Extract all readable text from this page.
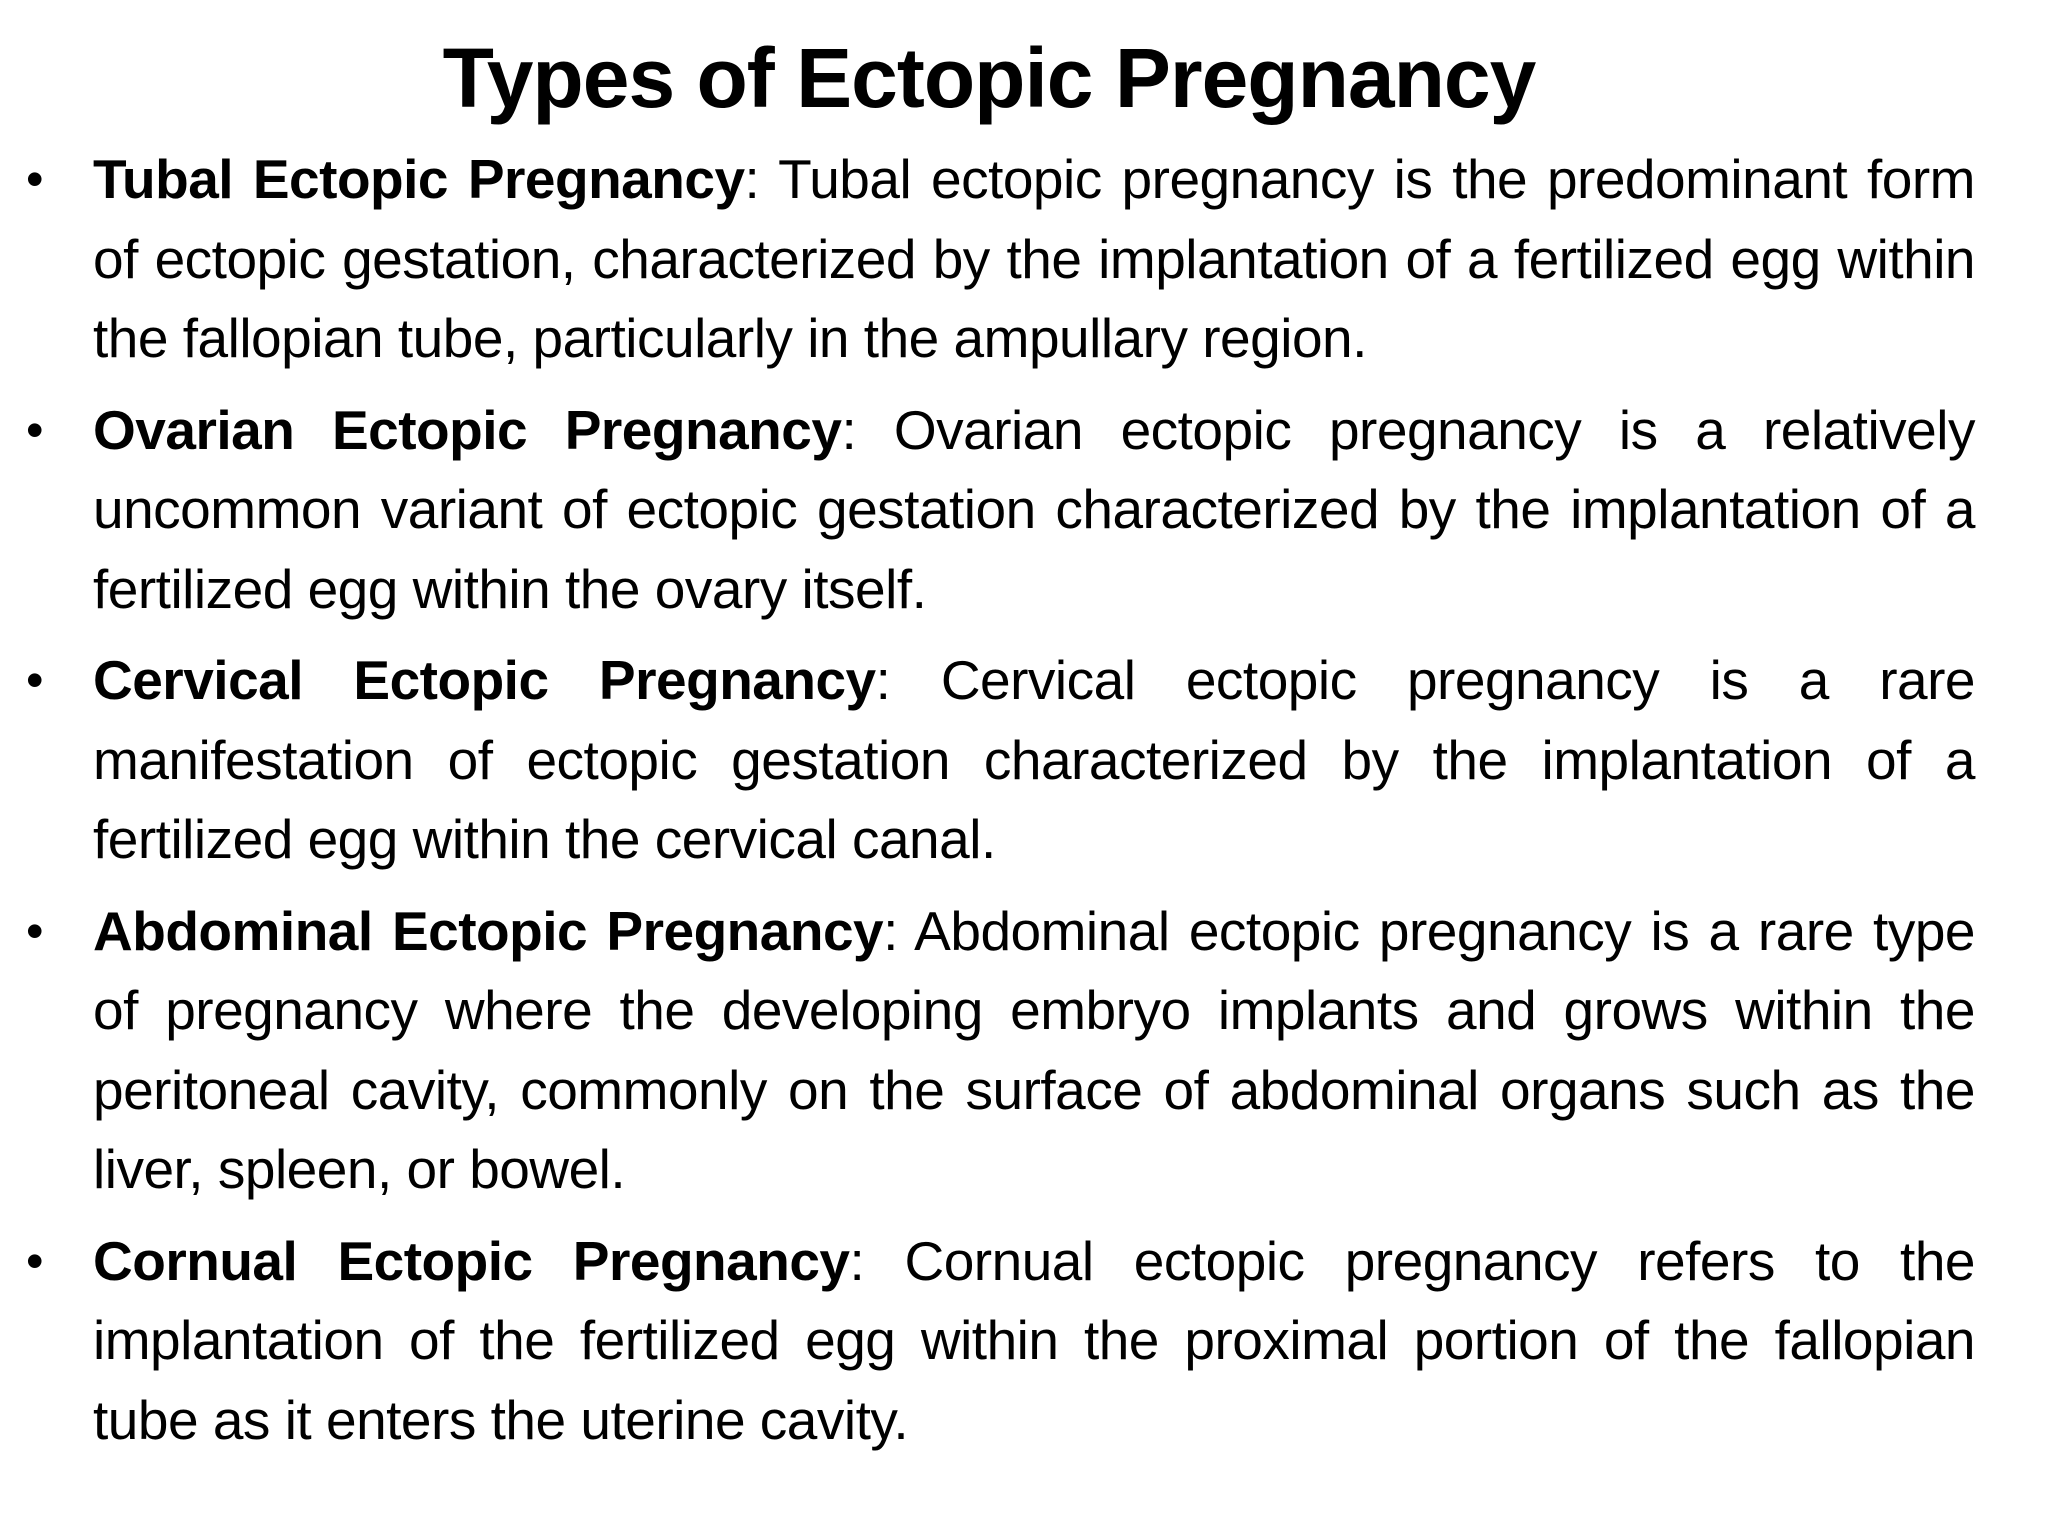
Types of Ectopic Pregnancy
• Tubal Ectopic Pregnancy: Tubal ectopic pregnancy is the predominant form of ectopic gestation, characterized by the implantation of a fertilized egg within the fallopian tube, particularly in the ampullary region.
• Ovarian Ectopic Pregnancy: Ovarian ectopic pregnancy is a relatively uncommon variant of ectopic gestation characterized by the implantation of a fertilized egg within the ovary itself.
• Cervical Ectopic Pregnancy: Cervical ectopic pregnancy is a rare manifestation of ectopic gestation characterized by the implantation of a fertilized egg within the cervical canal.
• Abdominal Ectopic Pregnancy: Abdominal ectopic pregnancy is a rare type of pregnancy where the developing embryo implants and grows within the peritoneal cavity, commonly on the surface of abdominal organs such as the liver, spleen, or bowel.
• Cornual Ectopic Pregnancy: Cornual ectopic pregnancy refers to the implantation of the fertilized egg within the proximal portion of the fallopian tube as it enters the uterine cavity.
